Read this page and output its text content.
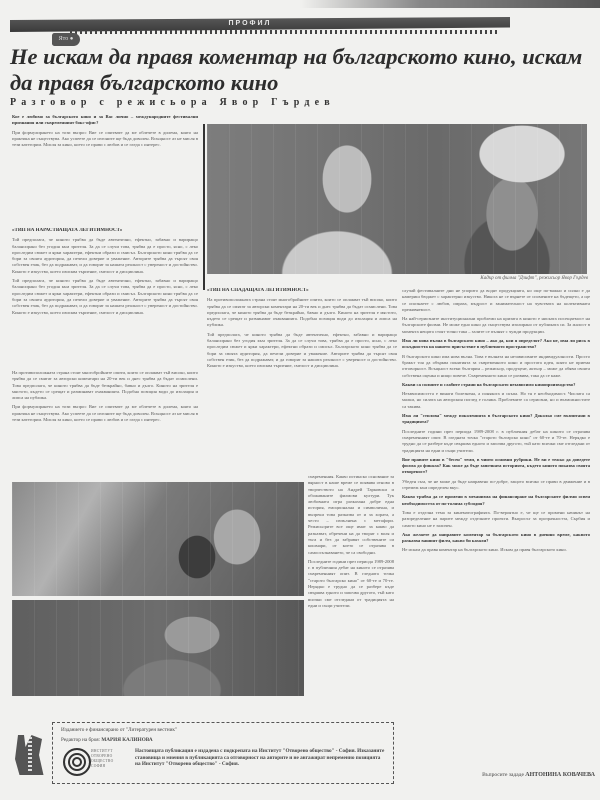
ПРОФИЛ
Ято ●
Не искам да правя коментар на българското кино, искам да правя българското кино
Разговор с режисьора Явор Гърдев

Кое е любимо за българското кино и за Вас лично – международните фестивални признания или съвременният бокс-офис?

При формулирането на този въпрос Вие се опитвате да ме облечете в дилема, която на практика не съществува. Ако успеете да се изгоните ще бъда доволен. Всъщност аз не мисля в тези категории. Мисля за кино, което се прави с любов и се гледа с интерес.

«ТИП НА НАРАСТВАЩАТА ЛЕГИТИМНОСТ»

Той предполага, че киното трябва да бъде автентично, ефектно, забавно и вариращо балансирано без угодия към зрителя. За да се случи това, трябва да е просто, ясно, с леко проследим сюжет и ярки характери, ефектни образи и смисъл. Българското кино трябва да се бори за своята аудитория, да печели доверие и уважение. Авторите трябва да търсят своя собствен език, без да подражават, и да говорят за нашата реалност с увереност и достойнство. Киното е изкуство, което изисква търпение, смелост и дисциплина.

Той предполага, че киното трябва да бъде автентично, ефектно, забавно и вариращо балансирано без угодия към зрителя. За да се случи това, трябва да е просто, ясно, с леко проследим сюжет и ярки характери, ефектни образи и смисъл. Българското кино трябва да се бори за своята аудитория, да печели доверие и уважение. Авторите трябва да търсят своя собствен език, без да подражават, и да говорят за нашата реалност с увереност и достойнство. Киното е изкуство, което изисква търпение, смелост и дисциплина.

Кадър от филма "Дзифт", режисьор Явор Гърдев

«ТИП НА СПАДАЩАТА ЛЕГИТИМНОСТ»

На противоположната страна стоят многобройните опити, които се оплакват тъй високо, които трябва да се смятат за авторски коментари на 20-ти век и днес трябва да бъдат осмислени. Това предполага, че киното трябва да бъде безкрайно, бавно и дълго. Киното на зрителя е мястото, където се срещат и разминават очакванията. Подобна позиция води до изолация и липса на публика.

Той предполага, че киното трябва да бъде автентично, ефектно, забавно и вариращо балансирано без угодия към зрителя. За да се случи това, трябва да е просто, ясно, с леко проследим сюжет и ярки характери, ефектни образи и смисъл. Българското кино трябва да се бори за своята аудитория, да печели доверие и уважение. Авторите трябва да търсят своя собствен език, без да подражават, и да говорят за нашата реалност с увереност и достойнство. Киното е изкуство, което изисква търпение, смелост и дисциплина.

На противоположната страна стоят многобройните опити, които се оплакват тъй високо, които трябва да се смятат за авторски коментари на 20-ти век и днес трябва да бъдат осмислени. Това предполага, че киното трябва да бъде безкрайно, бавно и дълго. Киното на зрителя е мястото, където се срещат и разминават очакванията. Подобна позиция води до изолация и липса на публика.

При формулирането на този въпрос Вие се опитвате да ме облечете в дилема, която на практика не съществува. Ако успеете да се изгоните ще бъда доволен. Всъщност аз не мисля в тези категории. Мисля за кино, което се прави с любов и се гледа с интерес.

съвременния. Какво истинско основание за вярност в наше време се появява отново в творчеството на Андрей Тарковски и обожаваните филмови култури. Тук любовната игра разказана добре една история, емоционална и символична, и въпреки това разказва от и за хората, а често – изпълнена с метафори. Режисьорите все още имат за какво да разказват, обречени на да творят с воля и тъга и без да забравят собствените си кошмари, от което се отразява в самоосъзнаването, че са свободни.

Последните години през периода 1989-2008 г. в публичния дебат на киното се отразява съвременният опит. В гледната точка "старото българско кино" от 60-те и 70-те. Нерядко е трудно да се разбере къде свършва едното и започва другото, тъй като всички сме отгледани от традицията на едни и същи учители.

случай фестивалните дни не упорито да водят продукцията, но още по-важно и силно е да намериш бюджет с характерно изкуство. Никога не се върнете от спомените на бъдещето, а ще се опознаете с любов, омраза, мъдрост и занимателност на чувствата на колективната преживяемост.

На най-сериозните институционални проблеми на кризата в киното е ниската посещаемост на българските филми. Не може едно кино да съществува изолирано от публиката си. За жалост в момента нещата стоят точно така – залите се пълнят с чужди продукции.

Има ли нова вълна в българското кино – ако да, кои я определят? Ако не, има ли риск в оскъдността на нашето присъствие в публичното пространство?

В българското кино има нова вълна. Това е вълната на независимите индивидуалности. Просто бракът тоя да обърква понятията за съвременното кино и простата идея, която не приема отговорност. Всъщност всеки българин – режисьор, продуцент, актьор – може да обяви своята собствена оценка и нищо повече. Съвременното кино се развива, така да се каже.

Какви са силните и слабите страни на българското независимо кинопроизводство?

Независимостта е винаги болезнена, а понякога и скъпа. Но тя е необходимост. Числата са малки, но силата на авторския поглед е голяма. Проблемите са сериозни, но и възможностите са такива.

Има ли "стилова" между поколенията в българското кино? Доколко сме възпитани в традицията?

Последните години през периода 1989-2008 г. в публичния дебат на киното се отразява съвременният опит. В гледната точка "старото българско кино" от 60-те и 70-те. Нерядко е трудно да се разбере къде свършва едното и започва другото, тъй като всички сме отгледани от традицията на едни и същи учители.

Вие правите кино в "бесен" темп, в чиито основни рубрики. Не ви е тежко да доведете филма до финала? Как може да бъде започната историята, където киното показва своята отвореност?

Убеден съм, че не може да бъде направено по-добре, защото всичко се прави в движение и в стремеж към определен вкус.

Какво трябва да се промени в механизма на финансиране на българските филми освен необходимостта от по-голяма субсидия?

Това е отделна тема за кинематографията. По-вероятно е, че ще се промени начинът на разпределение на парите между отделните проекти. Въпросът за прозрачността, Сърбия и самото кино не е заличен.

Ако желаете да направите коментар за българското кино в днешно време, каквото разказва вашият филм, какво би казали?

Не искам да правя коментар на българското кино. Искам да правя българското кино.

Въпросите зададе АНТОНИНА КОВАЧЕВА
Изданието е финансирано от "Литературен вестник"
Редактор на броя: МАРИЯ КАЛИНОВА
ИНСТИТУТ ОТВОРЕНО ОБЩЕСТВО СОФИЯ
Настоящата публикация е издадена с подкрепата на Институт "Отворено общество" - София. Изказаните становища и мнения в публикацията са отговорност на авторите и не ангажират непременно позицията на Институт "Отворено общество" - София.
